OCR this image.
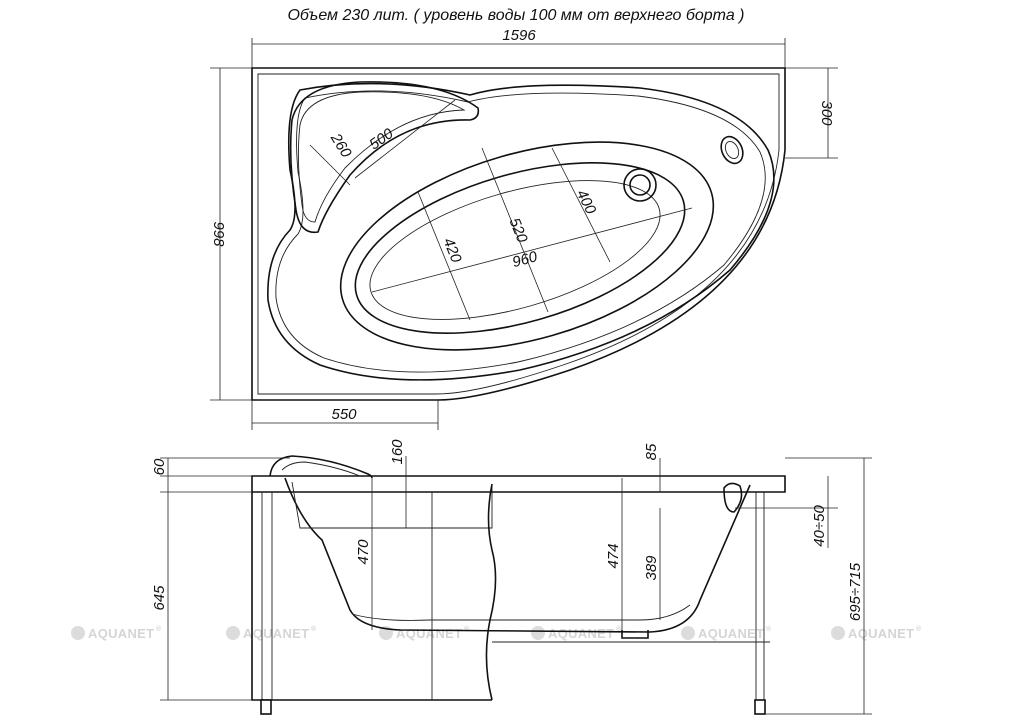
AQUANET ®	AQUANET ®	AQUANET ®	AQUANET ®	AQUANET ®	AQUANET ®
Объем 230 лит. ( уровень воды 100 мм от верхнего борта )
1596
998
300
550
260 500
420
520
400
960
60
160	85
470	474 389
40÷50
645	695÷715
